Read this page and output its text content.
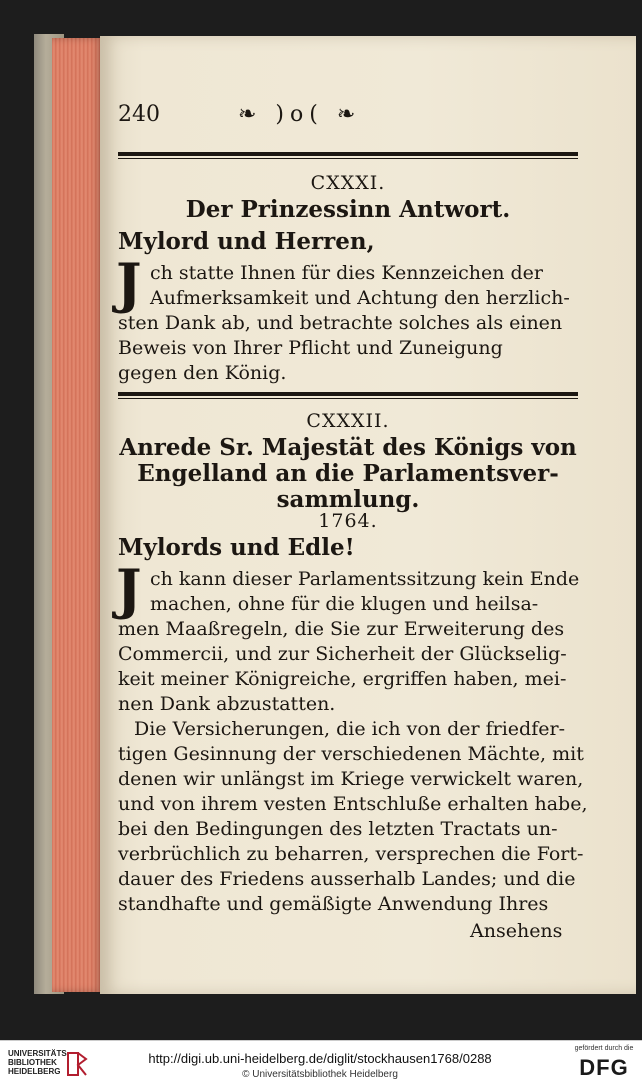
240	❧ )o( ❧
CXXXI.
Der Prinzessinn Antwort.
Mylord und Herren,
J ch statte Ihnen für dies Kennzeichen der
Aufmerksamkeit und Achtung den herzlich-
sten Dank ab, und betrachte solches als einen
Beweis von Ihrer Pflicht und Zuneigung
gegen den König.
CXXXII.
Anrede Sr. Majestät des Königs von
Engelland an die Parlamentsver-
sammlung.
1764.
Mylords und Edle!
J ch kann dieser Parlamentssitzung kein Ende
machen, ohne für die klugen und heilsa-
men Maaßregeln, die Sie zur Erweiterung des
Commercii, und zur Sicherheit der Glückselig-
keit meiner Königreiche, ergriffen haben, mei-
nen Dank abzustatten.
Die Versicherungen, die ich von der friedfer-
tigen Gesinnung der verschiedenen Mächte, mit
denen wir unlängst im Kriege verwickelt waren,
und von ihrem vesten Entschluße erhalten habe,
bei den Bedingungen des letzten Tractats un-
verbrüchlich zu beharren, versprechen die Fort-
dauer des Friedens ausserhalb Landes; und die
standhafte und gemäßigte Anwendung Ihres
Ansehens
UNIVERSITÄTS-
BIBLIOTHEK
HEIDELBERG
http://digi.ub.uni-heidelberg.de/diglit/stockhausen1768/0288
© Universitätsbibliothek Heidelberg
gefördert durch die
DFG
